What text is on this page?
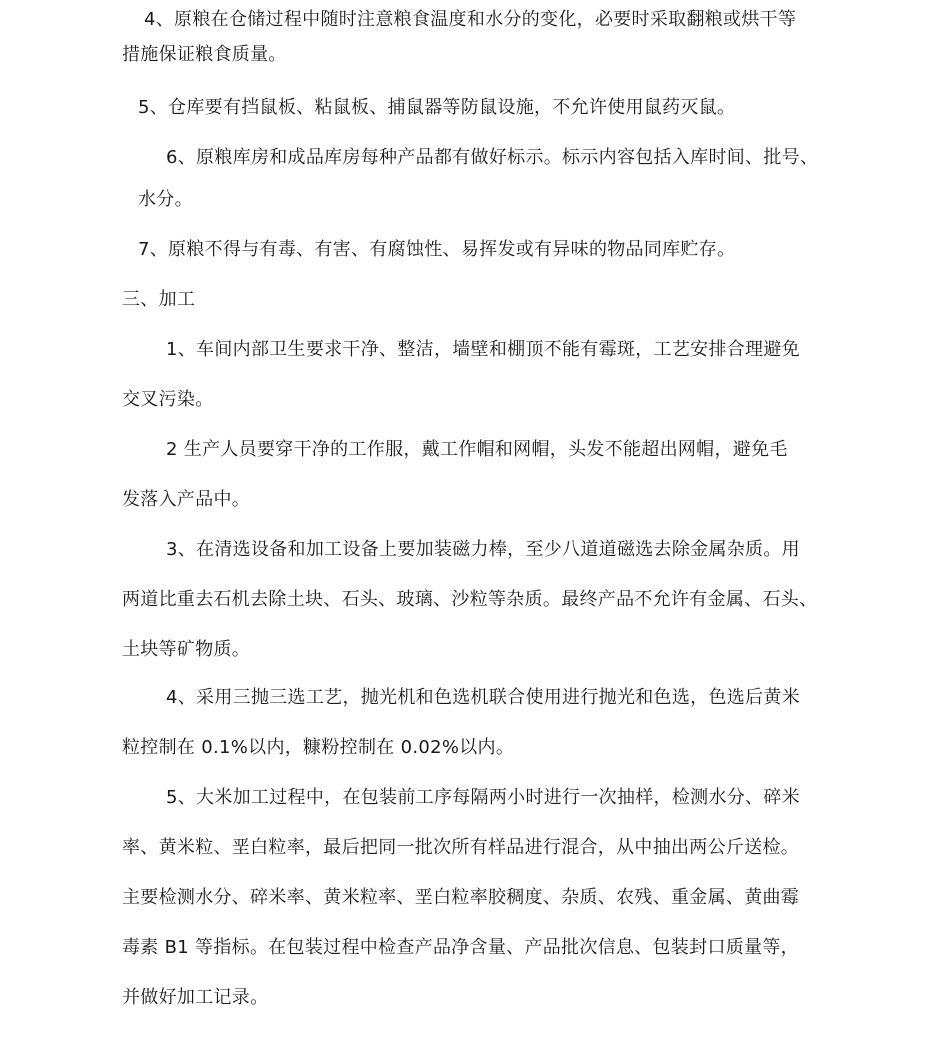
4、原粮在仓储过程中随时注意粮食温度和水分的变化，必要时采取翻粮或烘干等
措施保证粮食质量。
5、仓库要有挡鼠板、粘鼠板、捕鼠器等防鼠设施，不允许使用鼠药灭鼠。
6、原粮库房和成品库房每种产品都有做好标示。标示内容包括入库时间、批号、
水分。
7、原粮不得与有毒、有害、有腐蚀性、易挥发或有异味的物品同库贮存。
三、加工
1、车间内部卫生要求干净、整洁，墙壁和棚顶不能有霉斑，工艺安排合理避免
交叉污染。
2 生产人员要穿干净的工作服，戴工作帽和网帽，头发不能超出网帽，避免毛
发落入产品中。
3、在清选设备和加工设备上要加装磁力棒，至少八道道磁选去除金属杂质。用
两道比重去石机去除土块、石头、玻璃、沙粒等杂质。最终产品不允许有金属、石头、
土块等矿物质。
4、采用三抛三选工艺，抛光机和色选机联合使用进行抛光和色选，色选后黄米
粒控制在 0.1%以内，糠粉控制在 0.02%以内。
5、大米加工过程中，在包装前工序每隔两小时进行一次抽样，检测水分、碎米
率、黄米粒、垩白粒率，最后把同一批次所有样品进行混合，从中抽出两公斤送检。
主要检测水分、碎米率、黄米粒率、垩白粒率胶稠度、杂质、农残、重金属、黄曲霉
毒素 B1 等指标。在包装过程中检查产品净含量、产品批次信息、包装封口质量等，
并做好加工记录。
